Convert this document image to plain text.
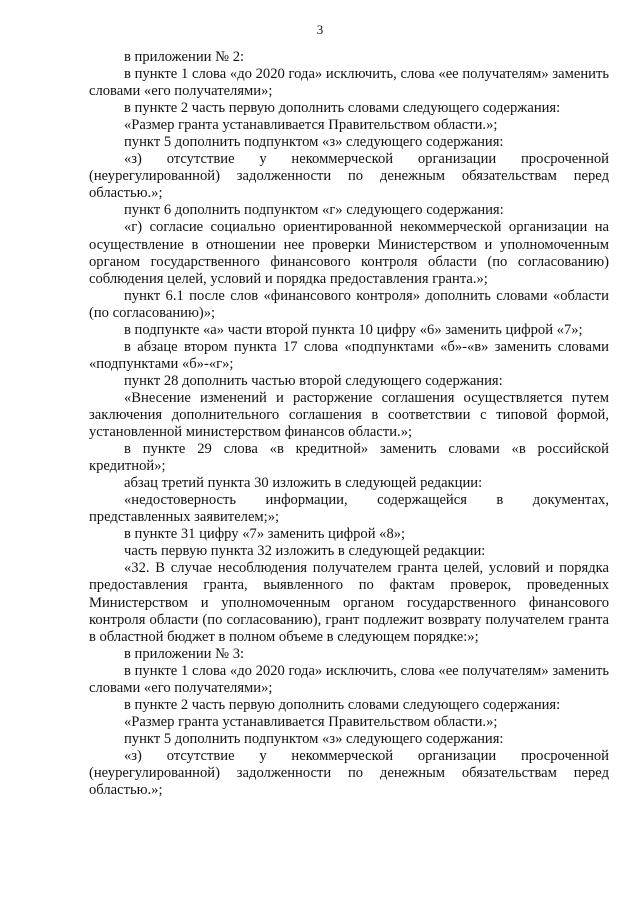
3

в приложении № 2:

в пункте 1 слова «до 2020 года» исключить, слова «ее получателям» заменить словами «его получателями»;

в пункте 2 часть первую дополнить словами следующего содержания:

«Размер гранта устанавливается Правительством области.»;

пункт 5 дополнить подпунктом «з» следующего содержания:

«з) отсутствие у некоммерческой организации просроченной (неурегулированной) задолженности по денежным обязательствам перед областью.»;

пункт 6 дополнить подпунктом «г» следующего содержания:

«г) согласие социально ориентированной некоммерческой организации на осуществление в отношении нее проверки Министерством и уполномоченным органом государственного финансового контроля области (по согласованию) соблюдения целей, условий и порядка предоставления гранта.»;

пункт 6.1 после слов «финансового контроля» дополнить словами «области (по согласованию)»;

в подпункте «а» части второй пункта 10 цифру «6» заменить цифрой «7»;

в абзаце втором пункта 17 слова «подпунктами «б»-«в» заменить словами «подпунктами «б»-«г»;

пункт 28 дополнить частью второй следующего содержания:

«Внесение изменений и расторжение соглашения осуществляется путем заключения дополнительного соглашения в соответствии с типовой формой, установленной министерством финансов области.»;

в пункте 29 слова «в кредитной» заменить словами «в российской кредитной»;

абзац третий пункта 30 изложить в следующей редакции:

«недостоверность информации, содержащейся в документах, представленных заявителем;»;

в пункте 31 цифру «7» заменить цифрой «8»;

часть первую пункта 32 изложить в следующей редакции:

«32. В случае несоблюдения получателем гранта целей, условий и порядка предоставления гранта, выявленного по фактам проверок, проведенных Министерством и уполномоченным органом государственного финансового контроля области (по согласованию), грант подлежит возврату получателем гранта в областной бюджет в полном объеме в следующем порядке:»;

в приложении № 3:

в пункте 1 слова «до 2020 года» исключить, слова «ее получателям» заменить словами «его получателями»;

в пункте 2 часть первую дополнить словами следующего содержания:

«Размер гранта устанавливается Правительством области.»;

пункт 5 дополнить подпунктом «з» следующего содержания:

«з) отсутствие у некоммерческой организации просроченной (неурегулированной) задолженности по денежным обязательствам перед областью.»;
